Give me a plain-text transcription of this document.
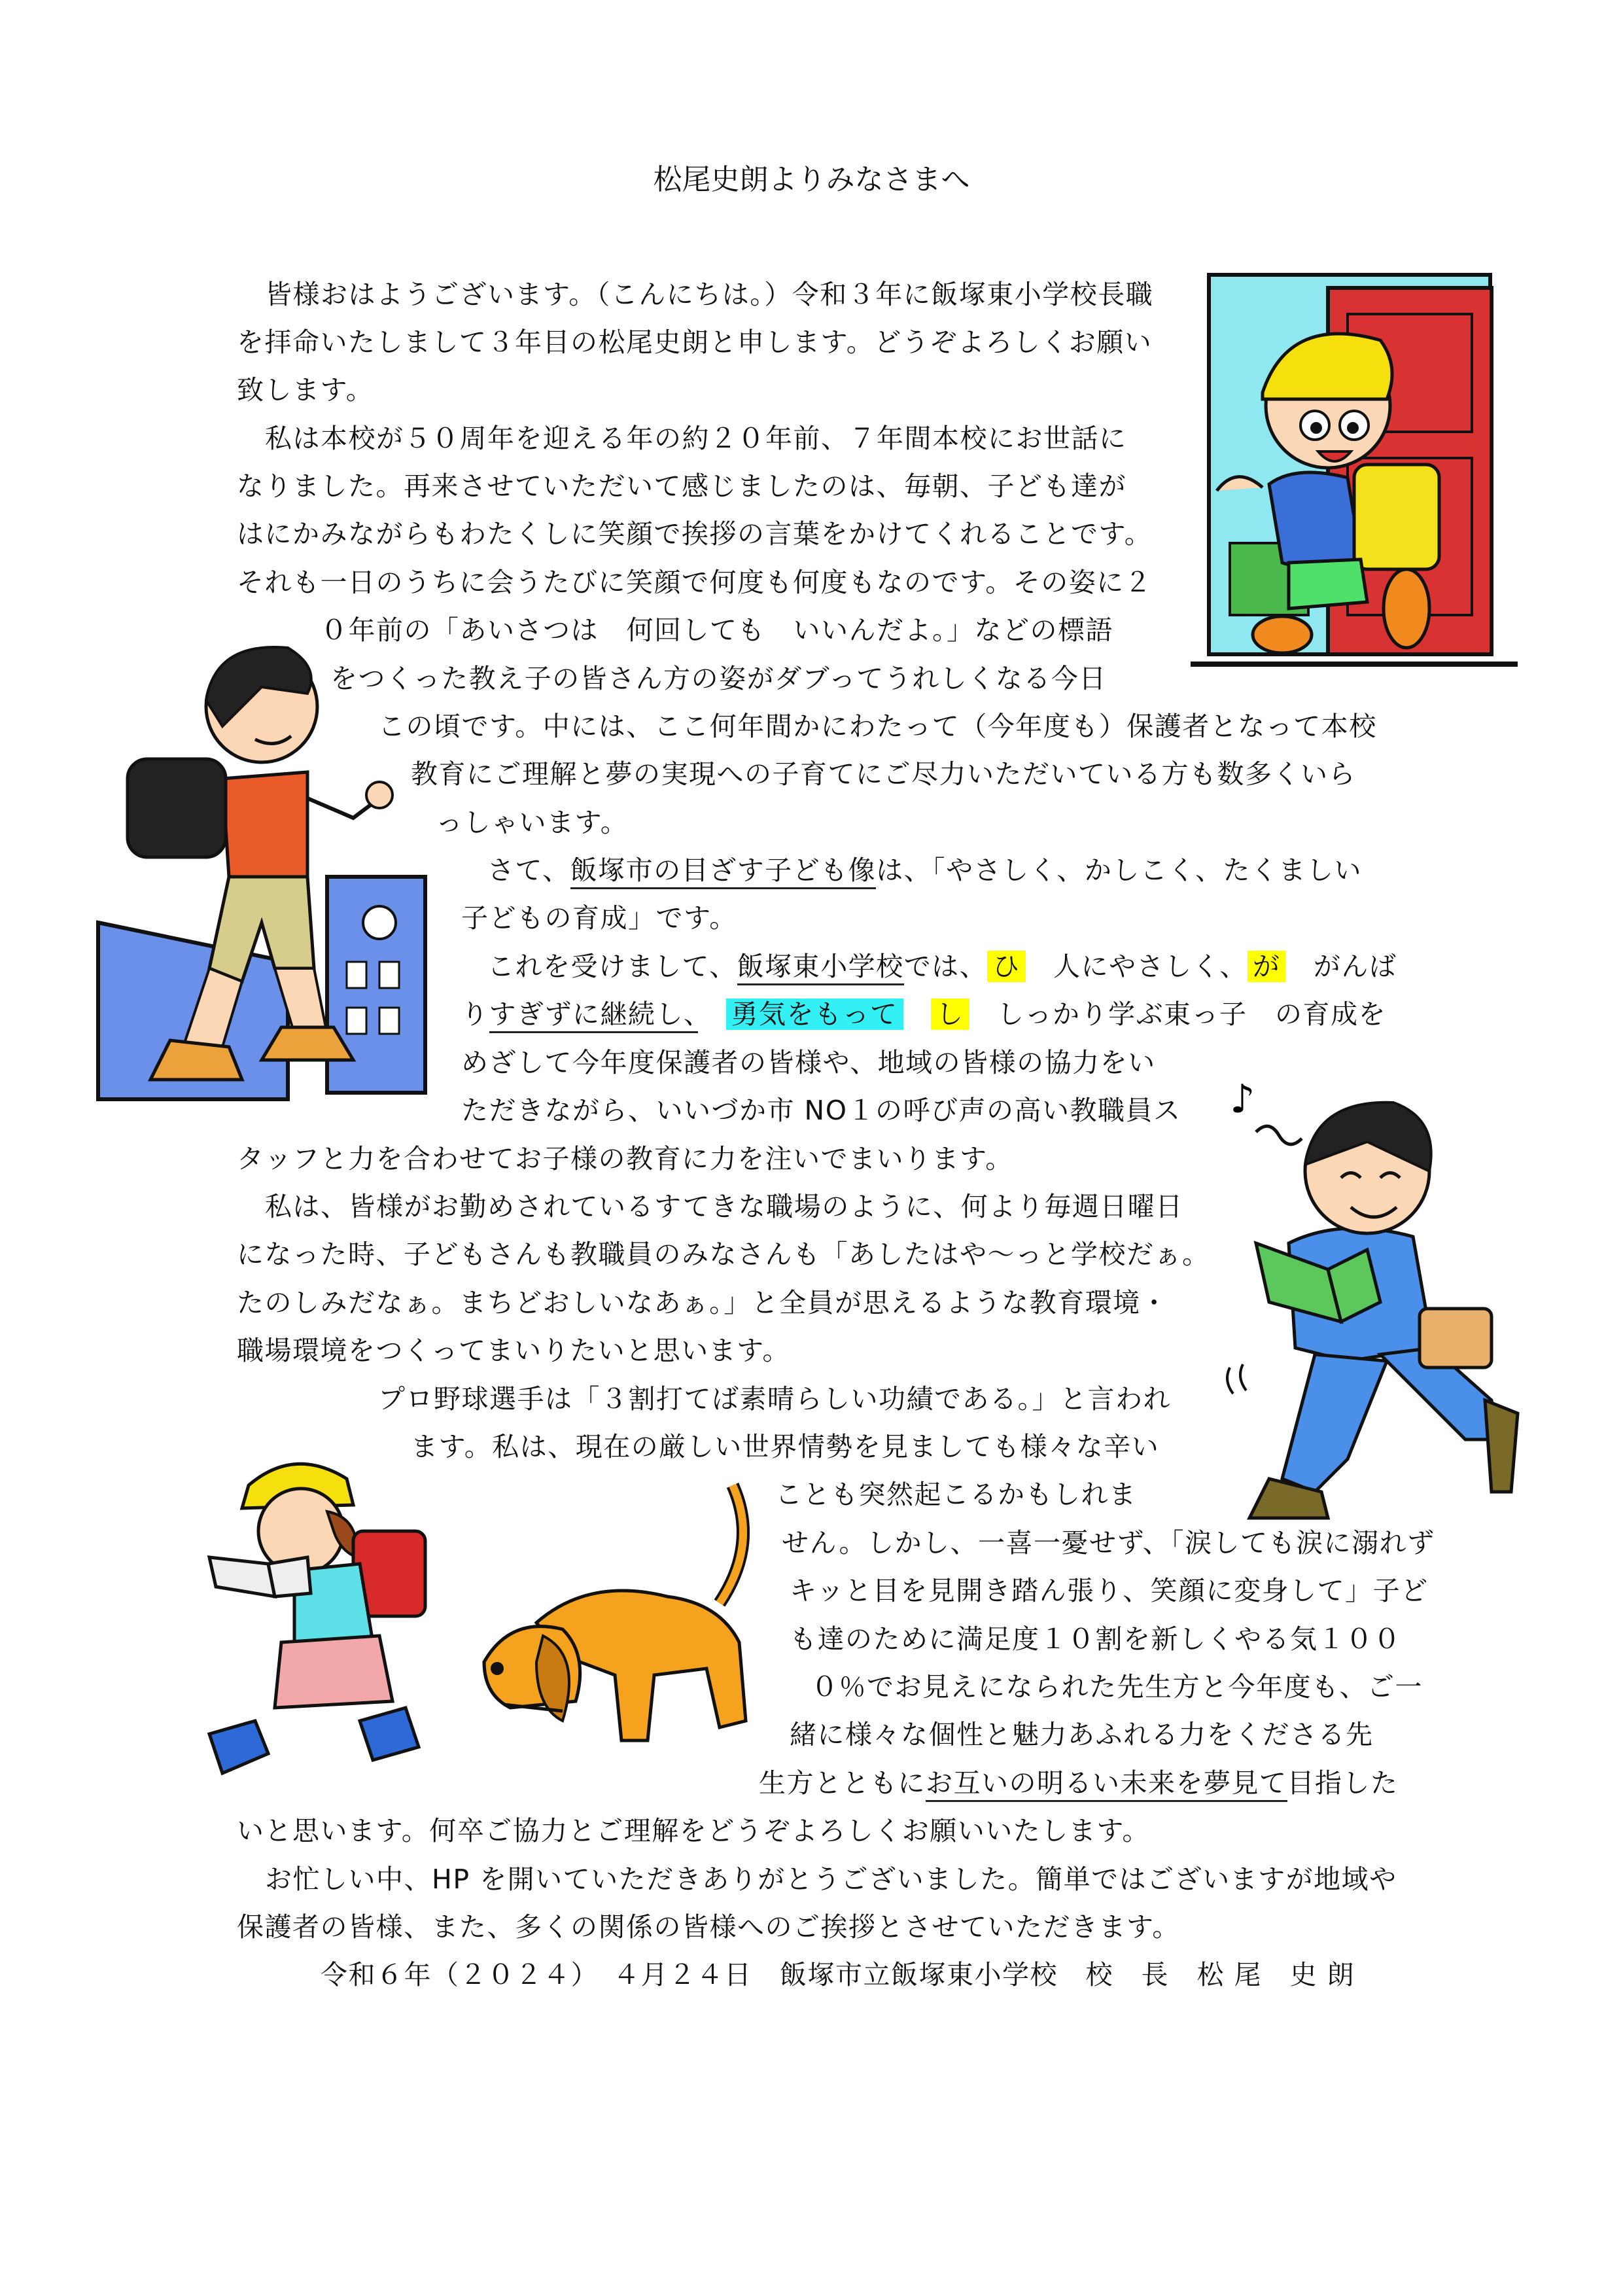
松尾史朗よりみなさまへ
皆様おはようございます。（こんにちは。）令和３年に飯塚東小学校長職
を拝命いたしまして３年目の松尾史朗と申します。どうぞよろしくお願い
致します。
私は本校が５０周年を迎える年の約２０年前、７年間本校にお世話に
なりました。再来させていただいて感じましたのは、毎朝、子ども達が
はにかみながらもわたくしに笑顔で挨拶の言葉をかけてくれることです。
それも一日のうちに会うたびに笑顔で何度も何度もなのです。その姿に２
０年前の「あいさつは　何回しても　いいんだよ。」などの標語
をつくった教え子の皆さん方の姿がダブってうれしくなる今日
この頃です。中には、ここ何年間かにわたって（今年度も）保護者となって本校
教育にご理解と夢の実現への子育てにご尽力いただいている方も数多くいら
っしゃいます。
さて、飯塚市の目ざす子ども像は、「やさしく、かしこく、たくましい
子どもの育成」です。
これを受けまして、飯塚東小学校では、 ひ　人にやさしく、 が　がんば
りすぎずに継続し、　 勇気をもって　 し　しっかり学ぶ東っ子　の育成を
めざして今年度保護者の皆様や、地域の皆様の協力をい
ただきながら、いいづか市 NO１の呼び声の高い教職員ス
タッフと力を合わせてお子様の教育に力を注いでまいります。
私は、皆様がお勤めされているすてきな職場のように、何より毎週日曜日
になった時、子どもさんも教職員のみなさんも「あしたはや〜っと学校だぁ。
たのしみだなぁ。まちどおしいなあぁ。」と全員が思えるような教育環境・
職場環境をつくってまいりたいと思います。
プロ野球選手は「３割打てば素晴らしい功績である。」と言われ
ます。私は、現在の厳しい世界情勢を見ましても様々な辛い
ことも突然起こるかもしれま
せん。しかし、一喜一憂せず、「涙しても涙に溺れず
キッと目を見開き踏ん張り、笑顔に変身して」子ど
も達のために満足度１０割を新しくやる気１００
０％でお見えになられた先生方と今年度も、ご一
緒に様々な個性と魅力あふれる力をくださる先
生方とともにお互いの明るい未来を夢見て目指した
いと思います。何卒ご協力とご理解をどうぞよろしくお願いいたします。
お忙しい中、HP を開いていただきありがとうございました。簡単ではございますが地域や
保護者の皆様、また、多くの関係の皆様へのご挨拶とさせていただきます。
令和６年（２０２４）　４月２４日　飯塚市立飯塚東小学校　校　長　松 尾　史 朗
♪
